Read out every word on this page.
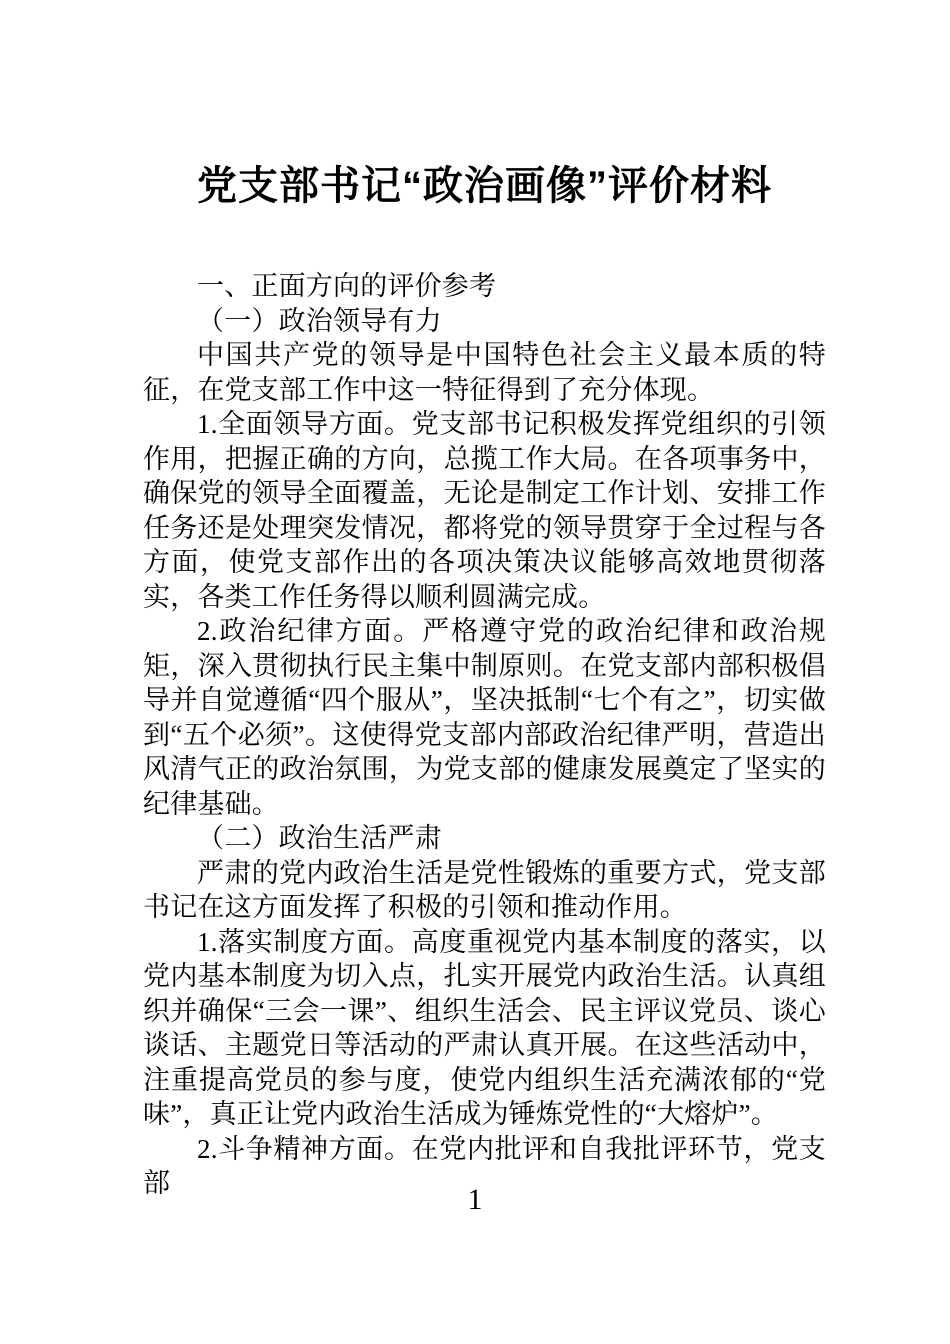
党支部书记“政治画像”评价材料

一、正面方向的评价参考

（一）政治领导有力

中国共产党的领导是中国特色社会主义最本质的特征，在党支部工作中这一特征得到了充分体现。

1.全面领导方面。党支部书记积极发挥党组织的引领作用，把握正确的方向，总揽工作大局。在各项事务中，确保党的领导全面覆盖，无论是制定工作计划、安排工作任务还是处理突发情况，都将党的领导贯穿于全过程与各方面，使党支部作出的各项决策决议能够高效地贯彻落实，各类工作任务得以顺利圆满完成。

2.政治纪律方面。严格遵守党的政治纪律和政治规矩，深入贯彻执行民主集中制原则。在党支部内部积极倡导并自觉遵循“四个服从”，坚决抵制“七个有之”，切实做到“五个必须”。这使得党支部内部政治纪律严明，营造出风清气正的政治氛围，为党支部的健康发展奠定了坚实的纪律基础。

（二）政治生活严肃

严肃的党内政治生活是党性锻炼的重要方式，党支部书记在这方面发挥了积极的引领和推动作用。

1.落实制度方面。高度重视党内基本制度的落实，以党内基本制度为切入点，扎实开展党内政治生活。认真组织并确保“三会一课”、组织生活会、民主评议党员、谈心谈话、主题党日等活动的严肃认真开展。在这些活动中，注重提高党员的参与度，使党内组织生活充满浓郁的“党味”，真正让党内政治生活成为锤炼党性的“大熔炉”。

2.斗争精神方面。在党内批评和自我批评环节，党支部	1
